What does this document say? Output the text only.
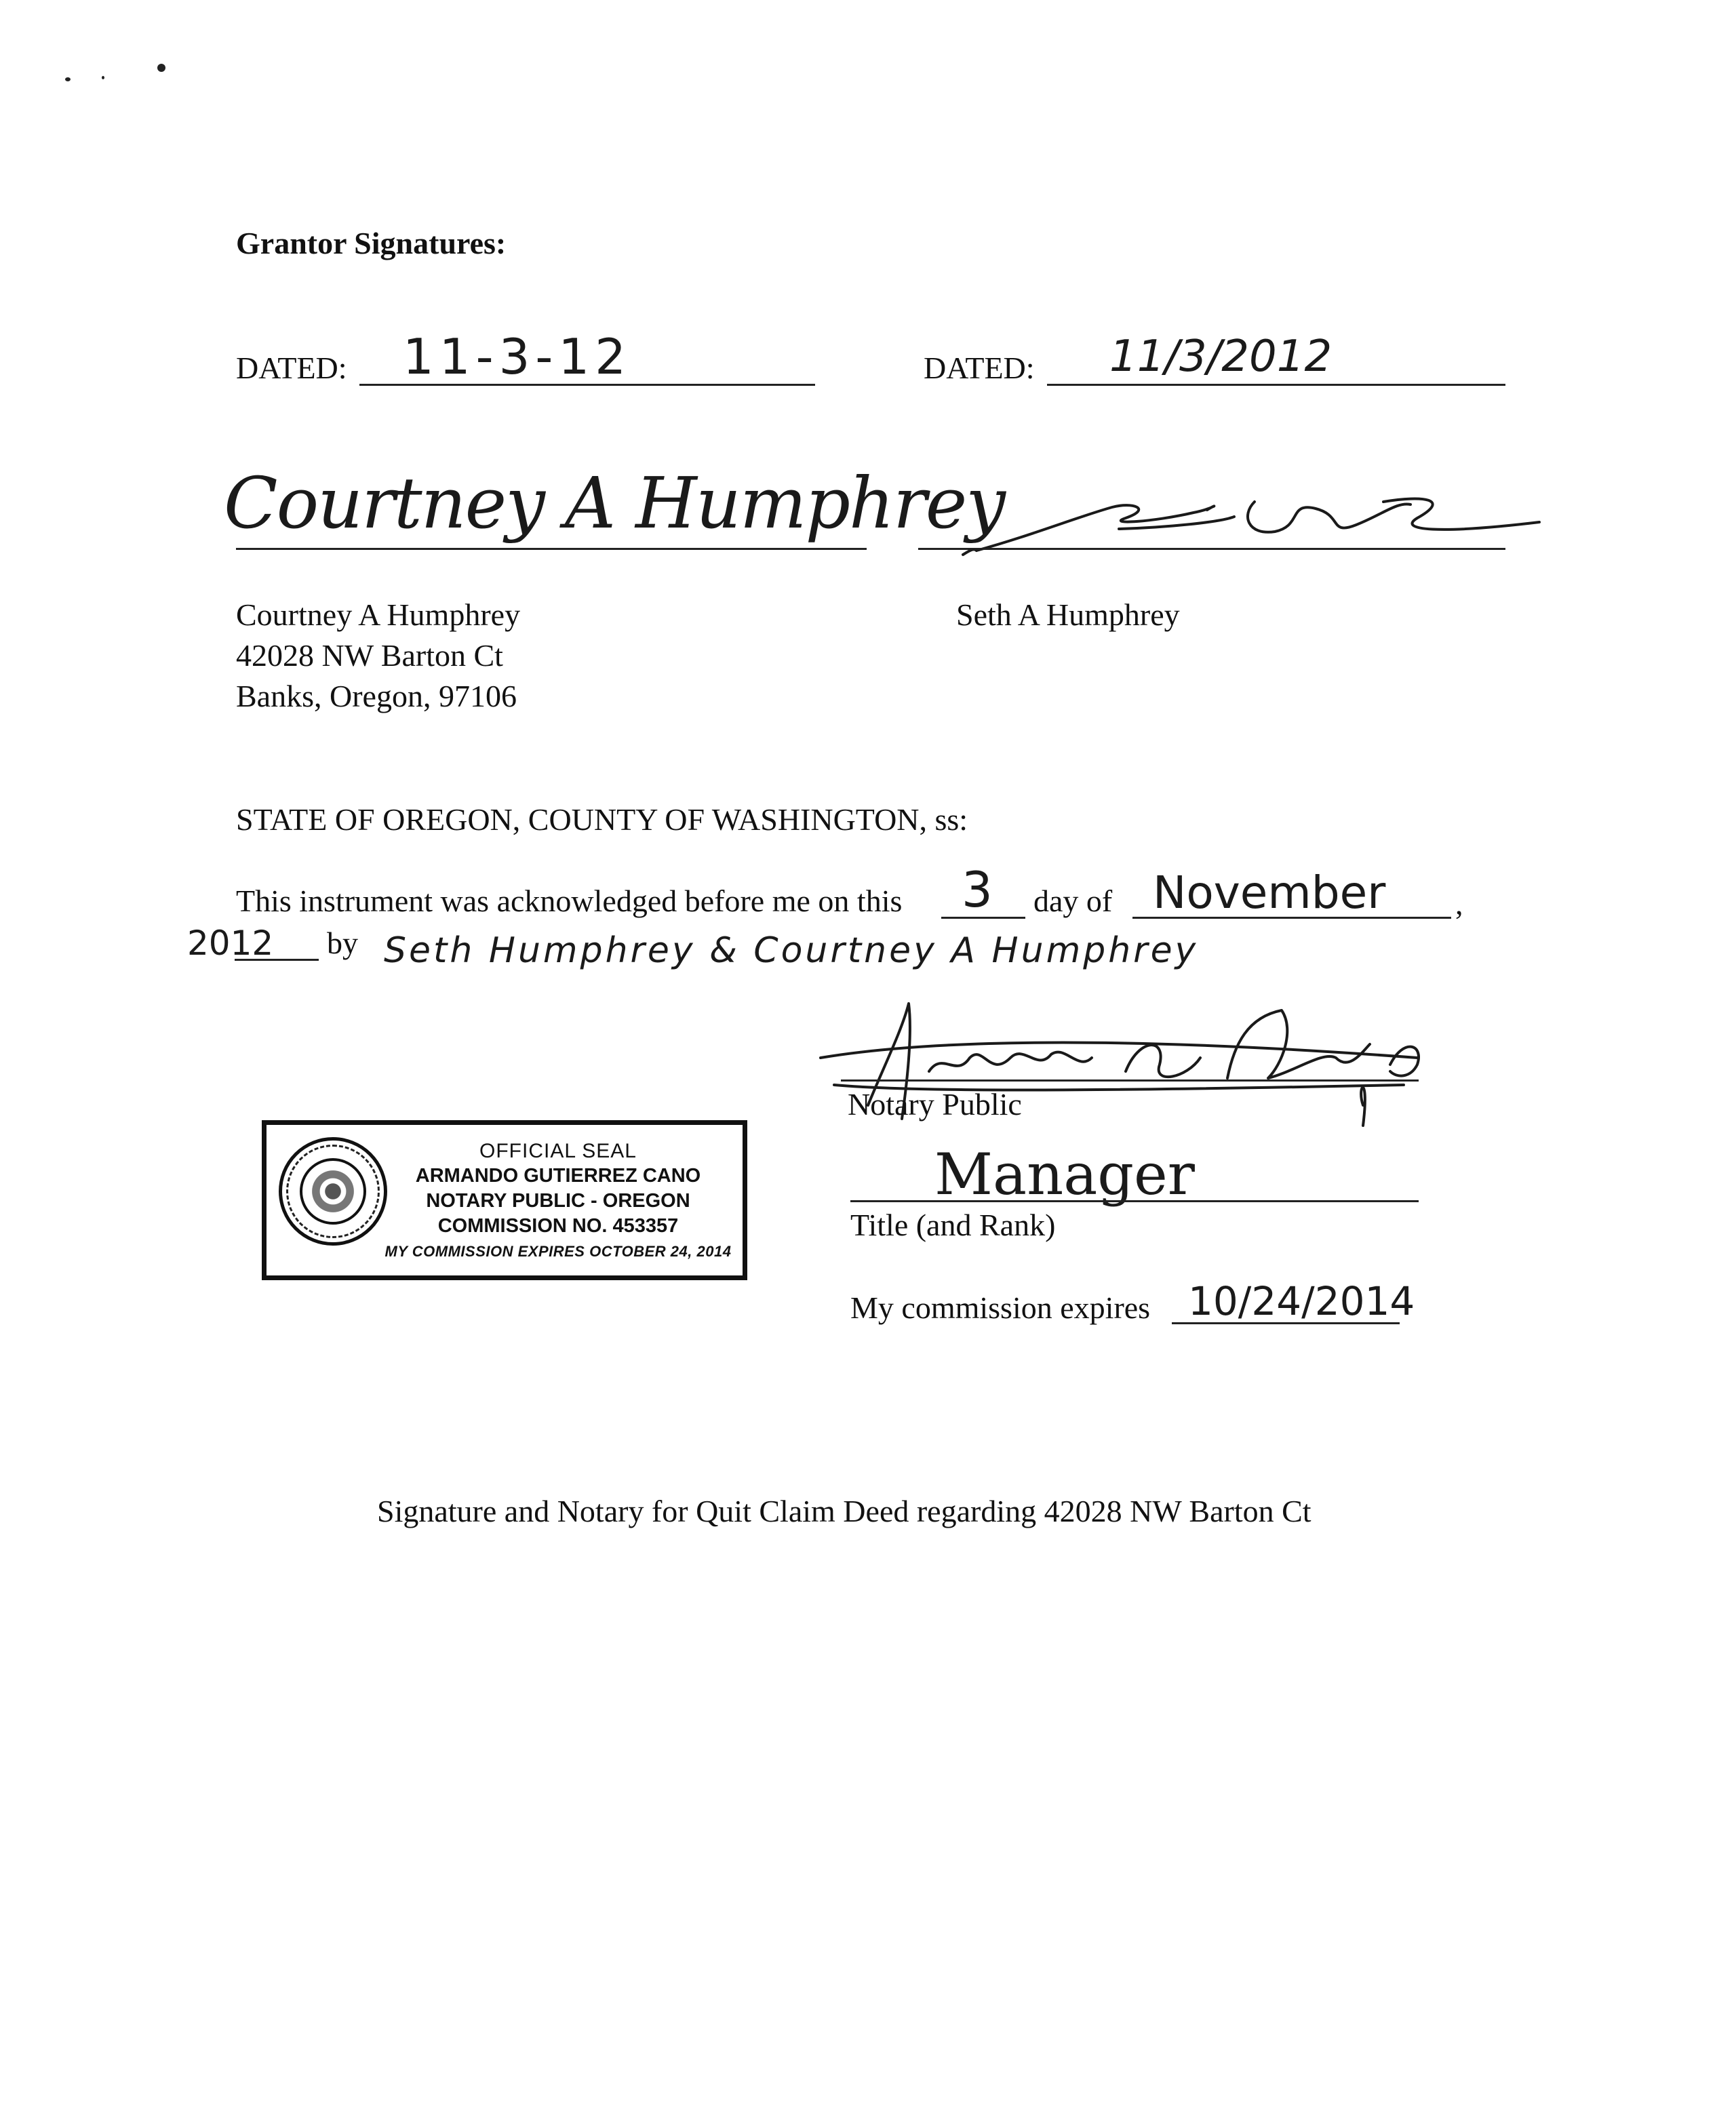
Grantor Signatures:
DATED: 11-3-12	DATED: 11/3/2012
Courtney A Humphrey
Courtney A Humphrey
42028 NW Barton Ct
Banks, Oregon, 97106
Seth A Humphrey
STATE OF OREGON, COUNTY OF WASHINGTON, ss:
This instrument was acknowledged before me on this 3 day of November ,
2012 by Seth Humphrey & Courtney A Humphrey
Notary Public
OFFICIAL SEAL
ARMANDO GUTIERREZ CANO
NOTARY PUBLIC - OREGON
COMMISSION NO. 453357
MY COMMISSION EXPIRES OCTOBER 24, 2014
Manager
Title (and Rank)
My commission expires 10/24/2014
Signature and Notary for Quit Claim Deed regarding 42028 NW Barton Ct
